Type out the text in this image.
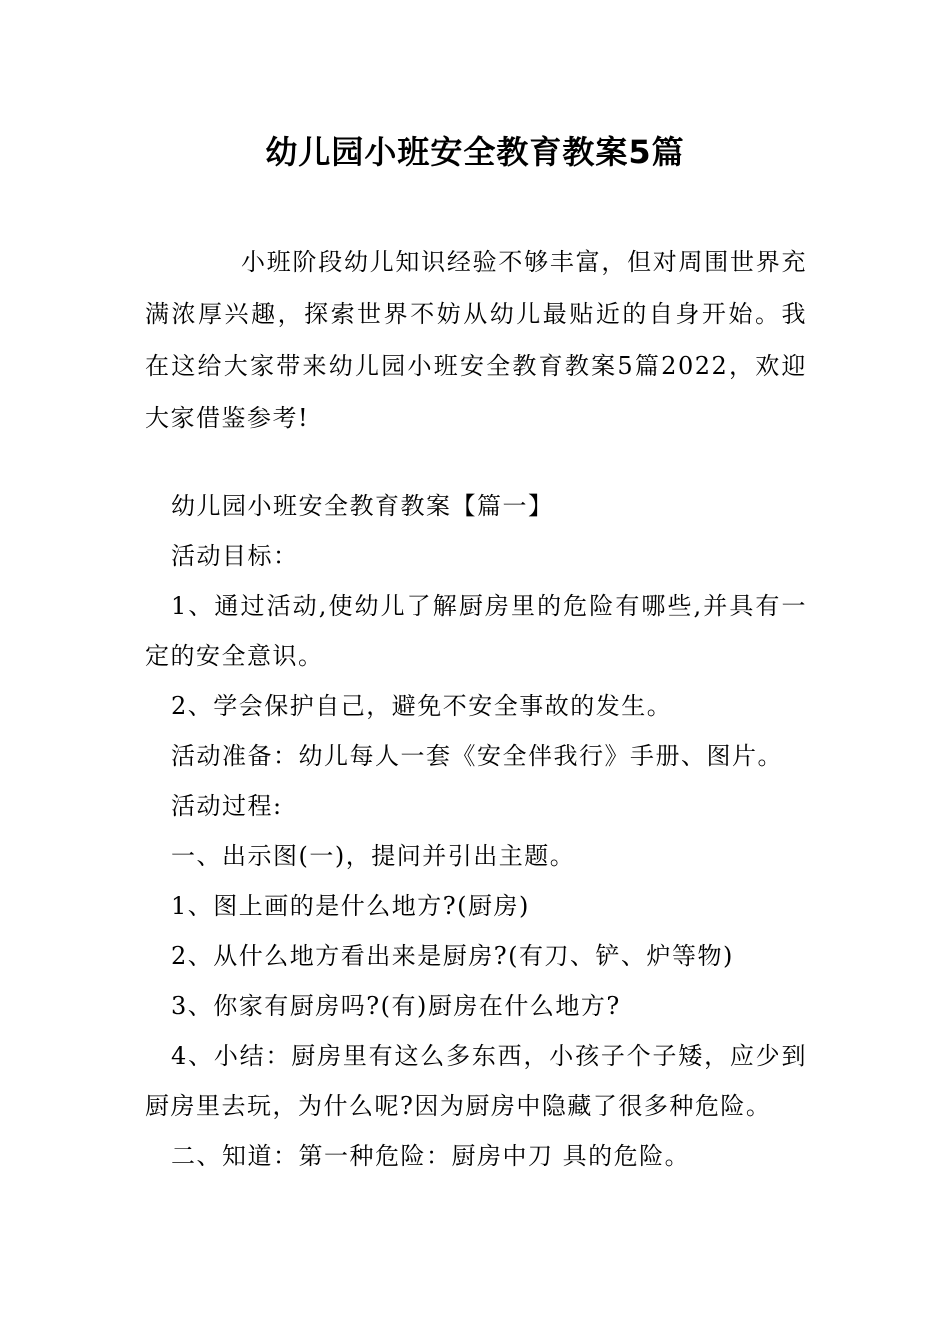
幼儿园小班安全教育教案5篇

小班阶段幼儿知识经验不够丰富，但对周围世界充满浓厚兴趣，探索世界不妨从幼儿最贴近的自身开始。我在这给大家带来幼儿园小班安全教育教案5篇2022，欢迎大家借鉴参考!

幼儿园小班安全教育教案【篇一】

活动目标：

1、通过活动,使幼儿了解厨房里的危险有哪些,并具有一定的安全意识。

2、学会保护自己，避免不安全事故的发生。

活动准备：幼儿每人一套《安全伴我行》手册、图片。

活动过程:

一、出示图(一)，提问并引出主题。

1、图上画的是什么地方?(厨房)

2、从什么地方看出来是厨房?(有刀、铲、炉等物)

3、你家有厨房吗?(有)厨房在什么地方?

4、小结：厨房里有这么多东西，小孩子个子矮，应少到厨房里去玩，为什么呢?因为厨房中隐藏了很多种危险。

二、知道：第一种危险：厨房中刀 具的危险。
